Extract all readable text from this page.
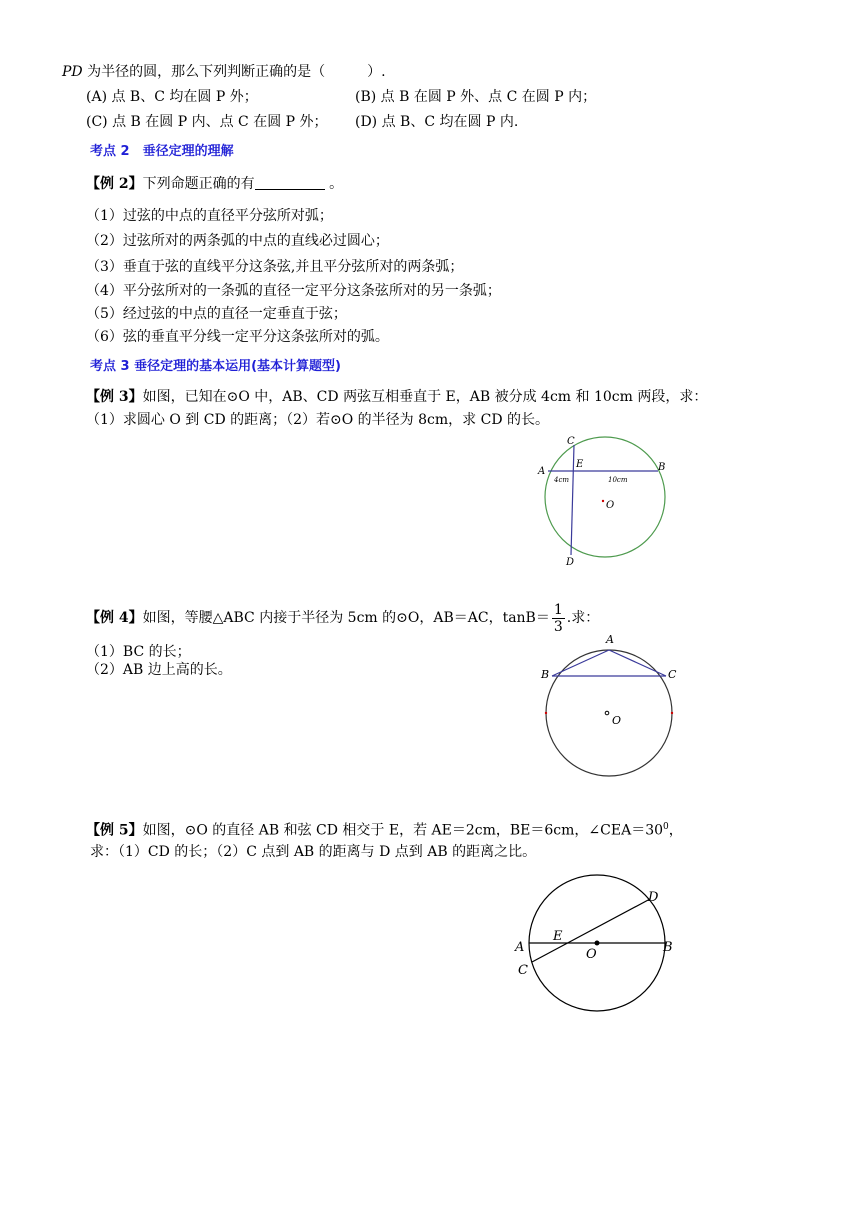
PD 为半径的圆，那么下列判断正确的是（　　　）.
(A) 点 B、C 均在圆 P 外；	(B) 点 B 在圆 P 外、点 C 在圆 P 内；
(C) 点 B 在圆 P 内、点 C 在圆 P 外； (D) 点 B、C 均在圆 P 内.
考点 2　垂径定理的理解
【例 2】下列命题正确的有	。
（1）过弦的中点的直径平分弦所对弧；
（2）过弦所对的两条弧的中点的直线必过圆心；
（3）垂直于弦的直线平分这条弦,并且平分弦所对的两条弧；
（4）平分弦所对的一条弧的直径一定平分这条弦所对的另一条弧；
（5）经过弦的中点的直径一定垂直于弦；
（6）弦的垂直平分线一定平分这条弦所对的弧。
考点 3 垂径定理的基本运用(基本计算题型)
【例 3】如图，已知在⊙O 中，AB、CD 两弦互相垂直于 E，AB 被分成 4cm 和 10cm 两段，求：
（1）求圆心 O 到 CD 的距离；（2）若⊙O 的半径为 8cm，求 CD 的长。
A	B
C
D
E
O
4cm	10cm
【例 4】如图，等腰△ABC 内接于半径为 5cm 的⊙O，AB＝AC，$\tan B= \frac{1}{3}$ .求：
（1）BC 的长；
（2）AB 边上高的长。
A
B	C
O
【例 5】如图，⊙O 的直径 AB 和弦 CD 相交于 E，若 AE＝2cm，BE＝6cm，$\angle CEA=30^0$，
求：（1）CD 的长；（2）C 点到 AB 的距离与 D 点到 AB 的距离之比。
A	B
C
D
E
O
